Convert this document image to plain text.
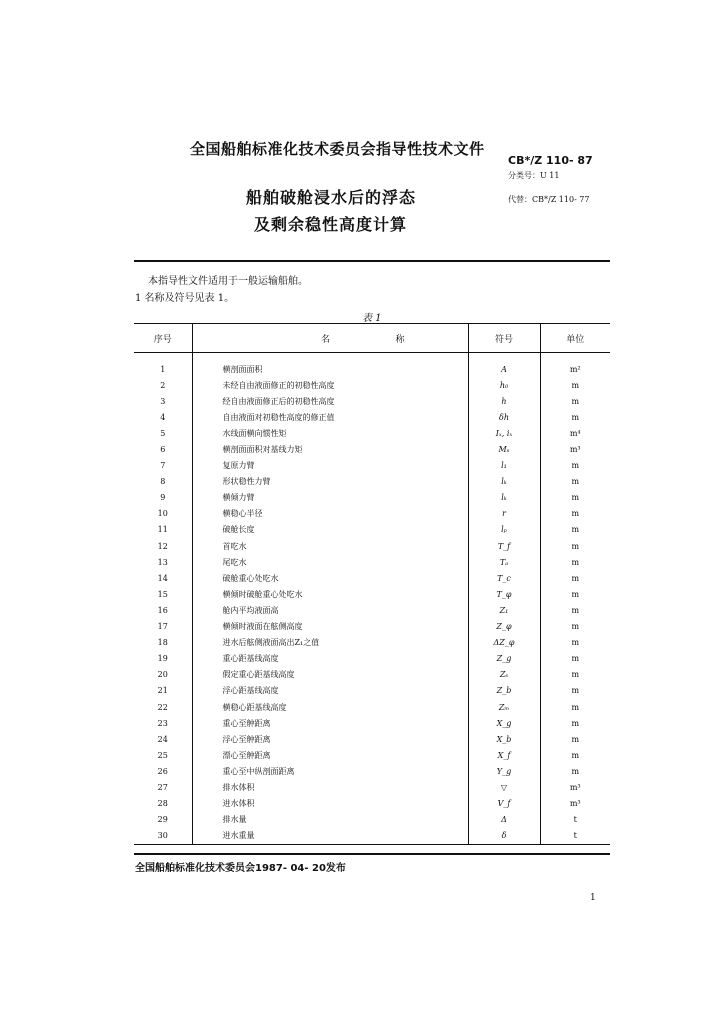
全国船舶标准化技术委员会指导性技术文件
CB*/Z 110- 87
分类号：U 11
船舶破舱浸水后的浮态	代替：CB*/Z 110- 77
及剩余稳性高度计算
本指导性文件适用于一般运输船舶。
1 名称及符号见表 1。
表 1
序号	名 称	符号	单位
1	横剖面面积	A	m²
2	未经自由液面修正的初稳性高度	h₀	m
3	经自由液面修正后的初稳性高度	h	m
4	自由液面对初稳性高度的修正值	δh	m
5	水线面横向惯性矩	Iₓ, iₓ	m⁴
6	横剖面面积对基线力矩	Mₛ	m³
7	复原力臂	l₁	m
8	形状稳性力臂	lₖ	m
9	横倾力臂	lₖ	m
10	横稳心半径	r	m
11	破舱长度	lₚ	m
12	首吃水	T_f	m
13	尾吃水	Tₐ	m
14	破舱重心处吃水	T_c	m
15	横倾时破舱重心处吃水	T_φ	m
16	舱内平均液面高	Z₁	m
17	横倾时液面在舷侧高度	Z_φ	m
18	进水后舷侧液面高出Z₁之值	ΔZ_φ	m
19	重心距基线高度	Z_g	m
20	假定重心距基线高度	Zₛ	m
21	浮心距基线高度	Z_b	m
22	横稳心距基线高度	Zₘ	m
23	重心至舯距离	X_g	m
24	浮心至舯距离	X_b	m
25	漂心至舯距离	X_f	m
26	重心至中纵剖面距离	Y_g	m
27	排水体积	▽	m³
28	进水体积	V_f	m³
29	排水量	Δ	t
30	进水重量	δ	t
全国船舶标准化技术委员会1987- 04- 20发布
1
